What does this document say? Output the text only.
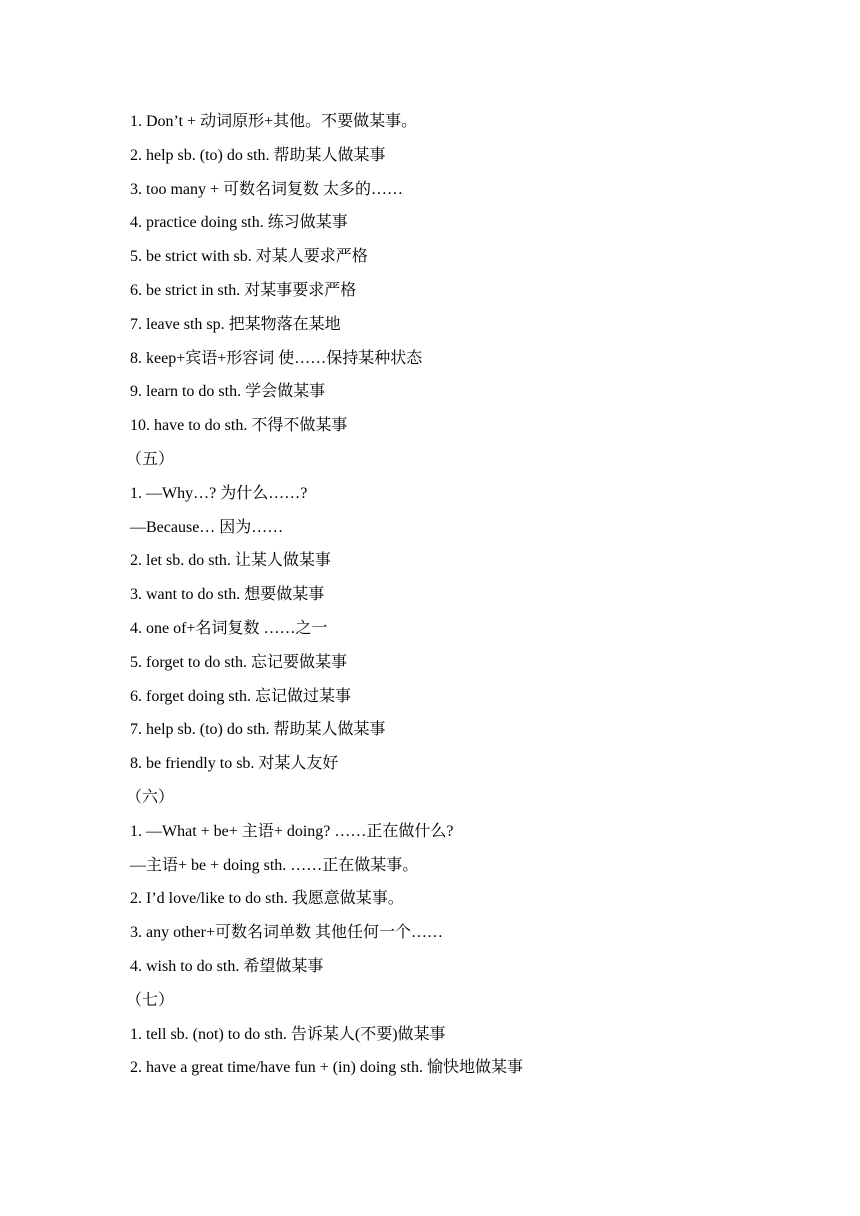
1. Don’t + 动词原形+其他。不要做某事。
2. help sb. (to) do sth. 帮助某人做某事
3. too many + 可数名词复数 太多的……
4. practice doing sth. 练习做某事
5. be strict with sb. 对某人要求严格
6. be strict in sth. 对某事要求严格
7. leave sth sp. 把某物落在某地
8. keep+宾语+形容词 使……保持某种状态
9. learn to do sth. 学会做某事
10. have to do sth. 不得不做某事
（五）
1. —Why…? 为什么……?
—Because… 因为……
2. let sb. do sth. 让某人做某事
3. want to do sth. 想要做某事
4. one of+名词复数 ……之一
5. forget to do sth. 忘记要做某事
6. forget doing sth. 忘记做过某事
7. help sb. (to) do sth. 帮助某人做某事
8. be friendly to sb. 对某人友好
（六）
1. —What + be+ 主语+ doing? ……正在做什么?
—主语+ be + doing sth. ……正在做某事。
2. I’d love/like to do sth. 我愿意做某事。
3. any other+可数名词单数 其他任何一个……
4. wish to do sth. 希望做某事
（七）
1. tell sb. (not) to do sth. 告诉某人(不要)做某事
2. have a great time/have fun + (in) doing sth. 愉快地做某事
